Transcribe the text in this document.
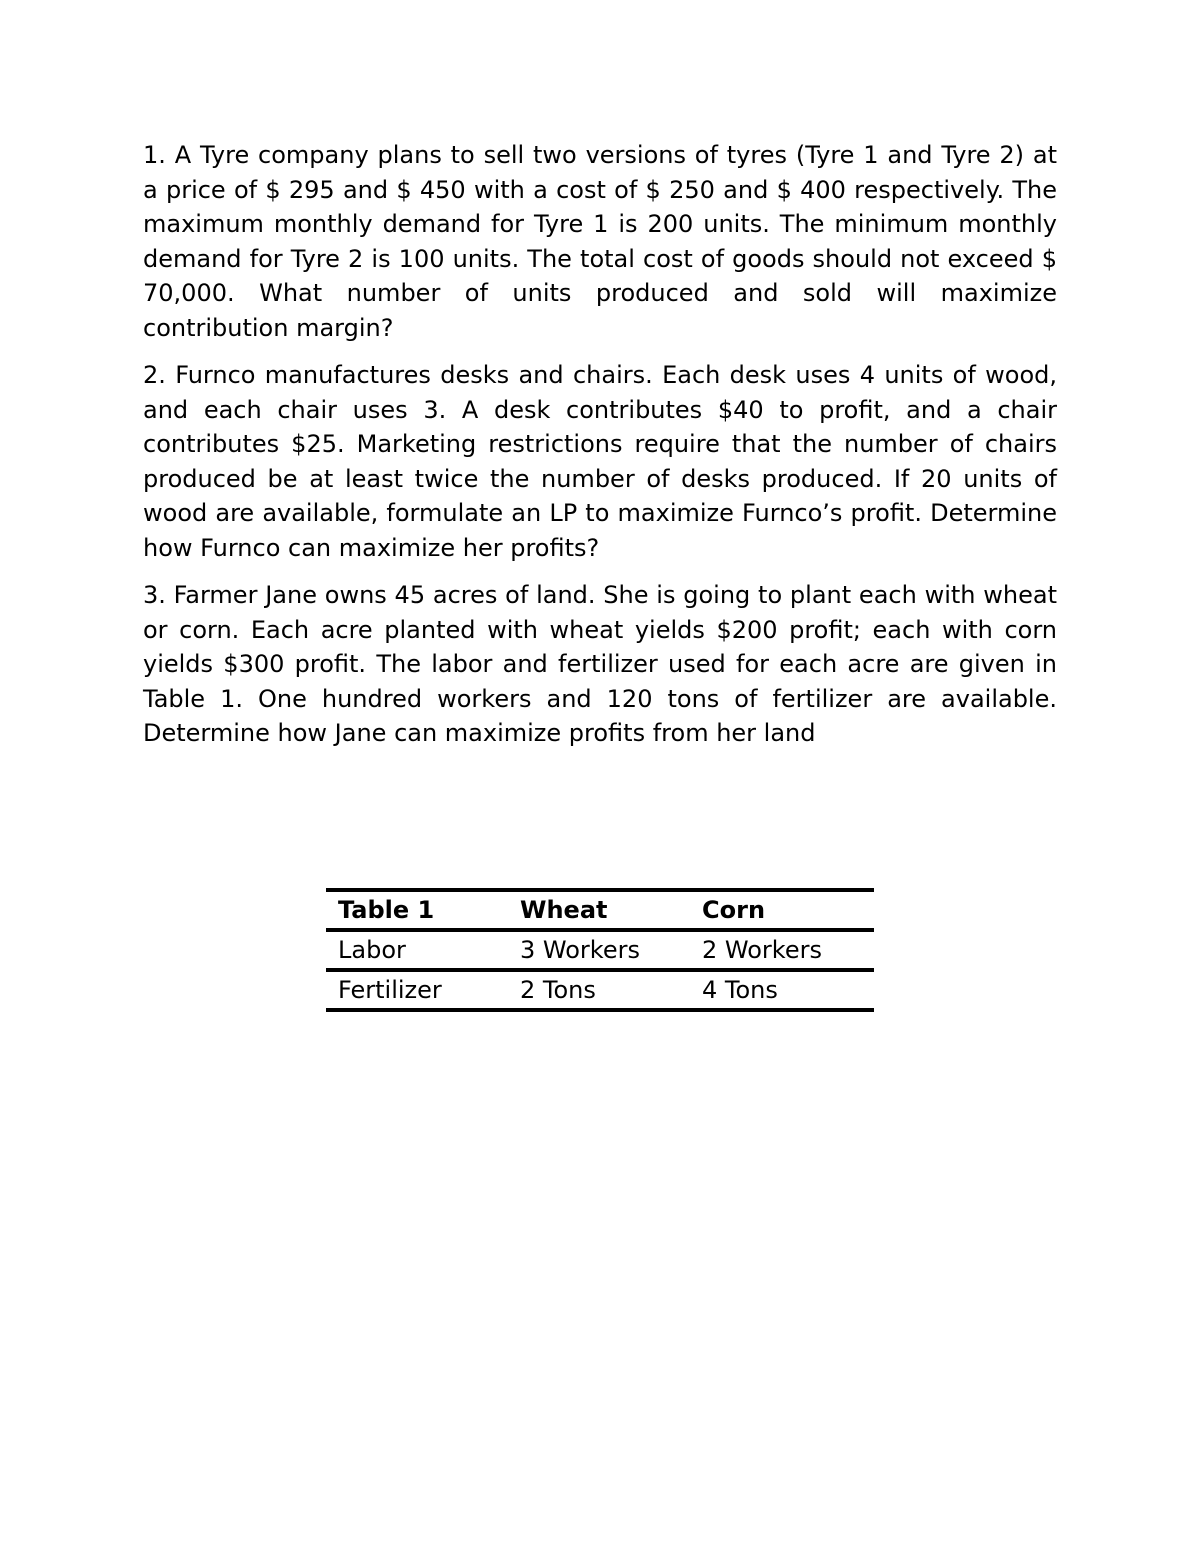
1. A Tyre company plans to sell two versions of tyres (Tyre 1 and Tyre 2) at a price of $ 295 and $ 450 with a cost of $ 250 and $ 400 respectively. The maximum monthly demand for Tyre 1 is 200 units. The minimum monthly demand for Tyre 2 is 100 units. The total cost of goods should not exceed $ 70,000. What number of units produced and sold will maximize contribution margin?

2. Furnco manufactures desks and chairs. Each desk uses 4 units of wood, and each chair uses 3. A desk contributes $40 to profit, and a chair contributes $25. Marketing restrictions require that the number of chairs produced be at least twice the number of desks produced. If 20 units of wood are available, formulate an LP to maximize Furnco’s profit. Determine how Furnco can maximize her profits?

3. Farmer Jane owns 45 acres of land. She is going to plant each with wheat or corn. Each acre planted with wheat yields $200 profit; each with corn yields $300 profit. The labor and fertilizer used for each acre are given in Table 1. One hundred workers and 120 tons of fertilizer are available. Determine how Jane can maximize profits from her land

Table 1	Wheat	Corn
Labor	3 Workers	2 Workers
Fertilizer	2 Tons	4 Tons
